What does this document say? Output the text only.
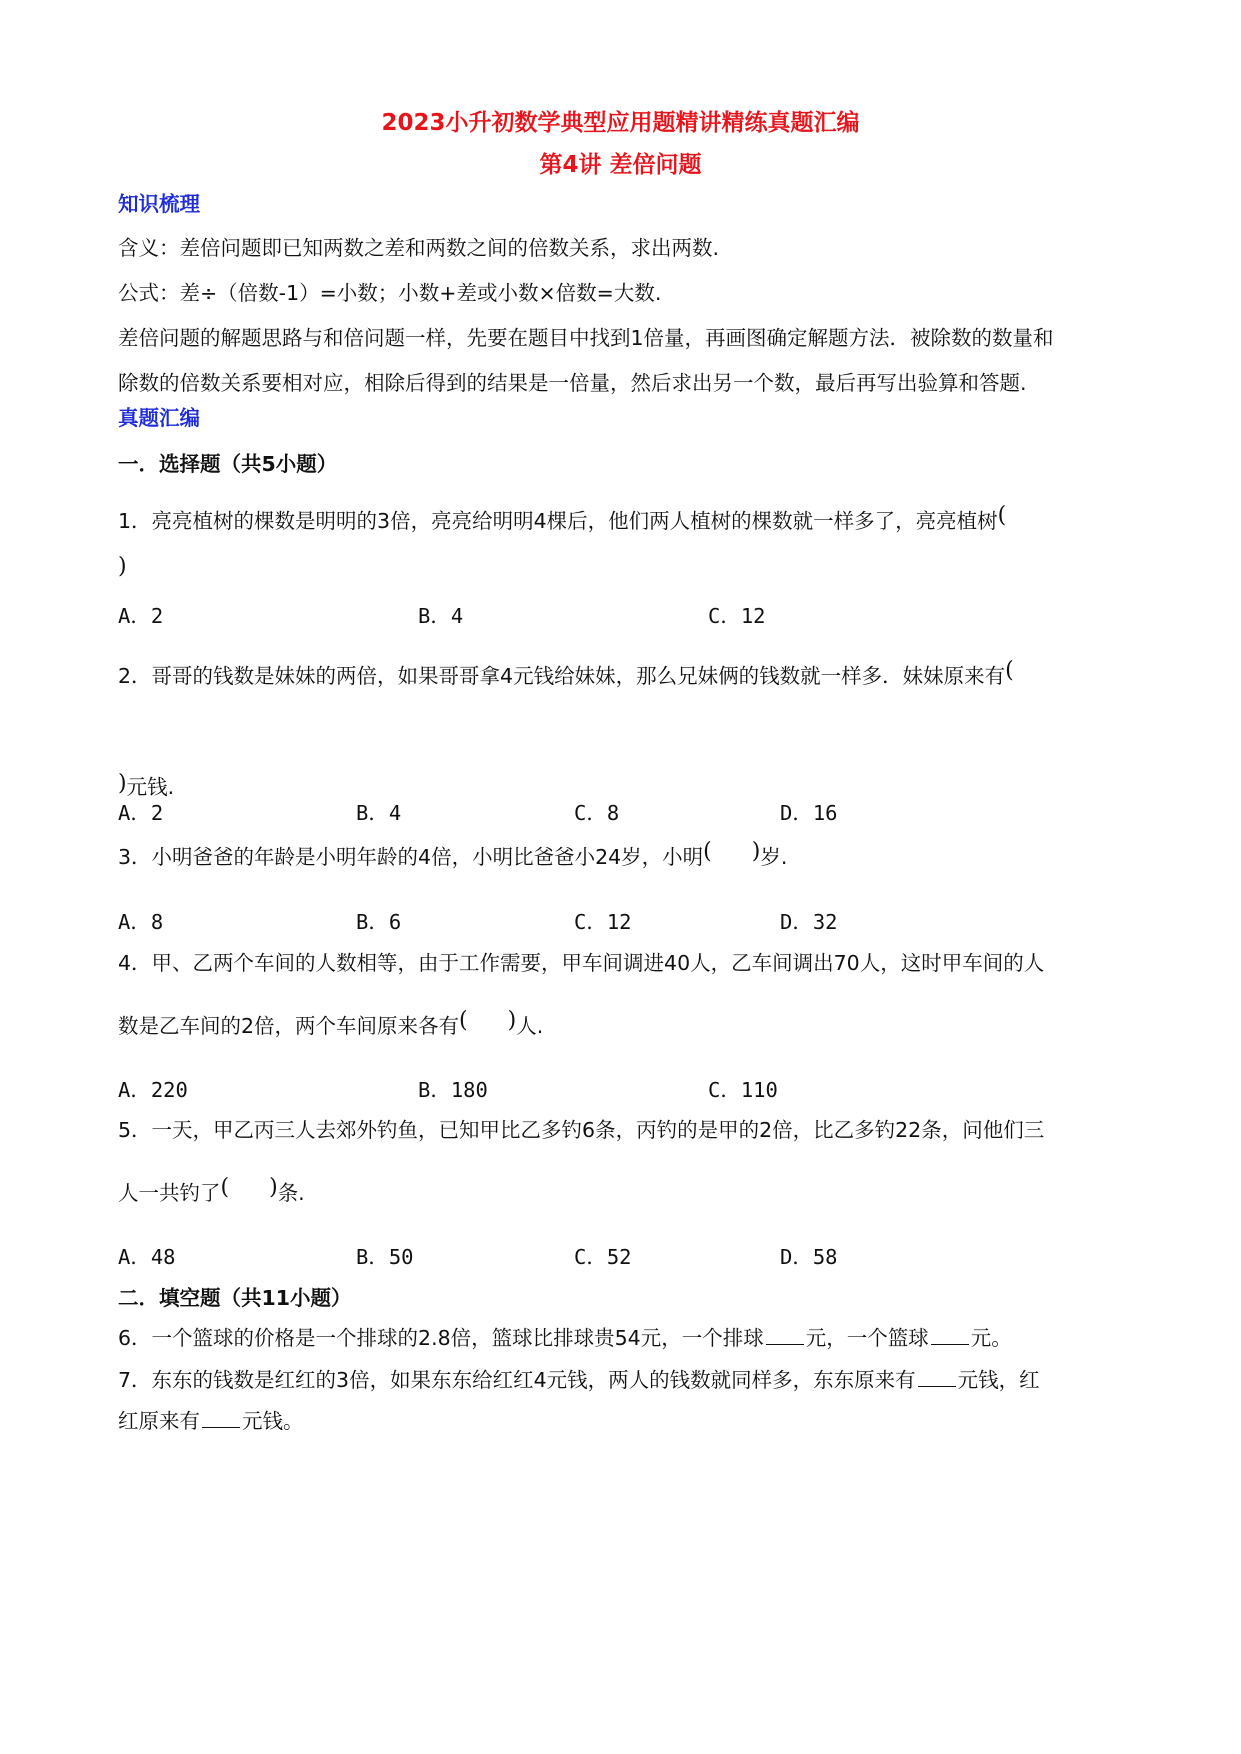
2023小升初数学典型应用题精讲精练真题汇编
第4讲 差倍问题
知识梳理
含义：差倍问题即已知两数之差和两数之间的倍数关系，求出两数.
公式：差÷（倍数-1）=小数；小数+差或小数×倍数=大数.
差倍问题的解题思路与和倍问题一样，先要在题目中找到1倍量，再画图确定解题方法．被除数的数量和
除数的倍数关系要相对应，相除后得到的结果是一倍量，然后求出另一个数，最后再写出验算和答题.
真题汇编
一．选择题（共5小题）
1．亮亮植树的棵数是明明的3倍，亮亮给明明4棵后，他们两人植树的棵数就一样多了，亮亮植树(
)
A．2	B．4	C．12
2．哥哥的钱数是妹妹的两倍，如果哥哥拿4元钱给妹妹，那么兄妹俩的钱数就一样多．妹妹原来有(
)元钱.
A．2	B．4	C．8	D．16
3．小明爸爸的年龄是小明年龄的4倍，小明比爸爸小24岁，小明( )岁.
A．8	B．6	C．12	D．32
4．甲、乙两个车间的人数相等，由于工作需要，甲车间调进40人，乙车间调出70人，这时甲车间的人
数是乙车间的2倍，两个车间原来各有( )人.
A．220	B．180	C．110
5．一天，甲乙丙三人去郊外钓鱼，已知甲比乙多钓6条，丙钓的是甲的2倍，比乙多钓22条，问他们三
人一共钓了( )条.
A．48	B．50	C．52	D．58
二．填空题（共11小题）
6．一个篮球的价格是一个排球的2.8倍，篮球比排球贵54元，一个排球 元，一个篮球 元。
7．东东的钱数是红红的3倍，如果东东给红红4元钱，两人的钱数就同样多，东东原来有 元钱，红
红原来有 元钱。
